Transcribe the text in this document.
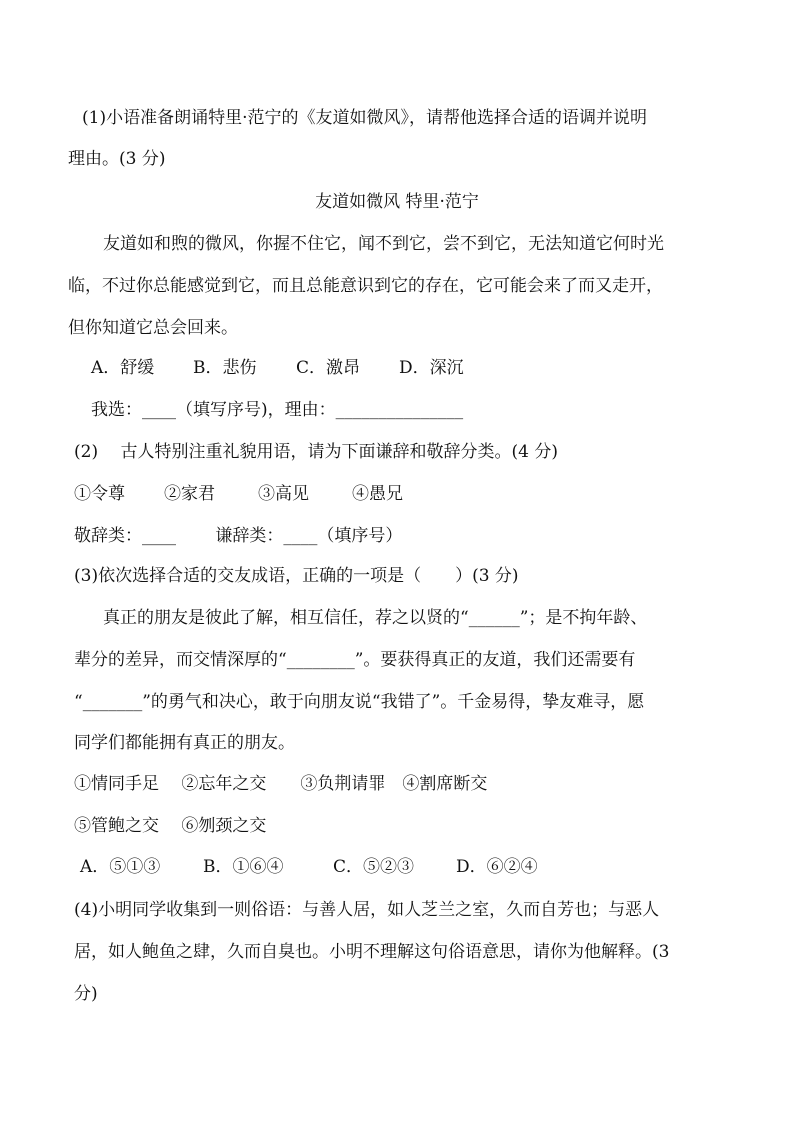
(1)小语准备朗诵特里·范宁的《友道如微风》，请帮他选择合适的语调并说明
理由。(3 分)
友道如微风 特里·范宁
友道如和煦的微风，你握不住它，闻不到它，尝不到它，无法知道它何时光
临，不过你总能感觉到它，而且总能意识到它的存在，它可能会来了而又走开，
但你知道它总会回来。
A．舒缓 B．悲伤 C．激昂 D．深沉
我选：____（填写序号)，理由：_______________
(2)　 古人特别注重礼貌用语，请为下面谦辞和敬辞分类。(4 分)
①令尊 ②家君	③高见	④愚兄
敬辞类：____　　 谦辞类：____（填序号）
(3)依次选择合适的交友成语，正确的一项是（　　）(3 分)
真正的朋友是彼此了解，相互信任，荐之以贤的“______”；是不拘年龄、
辈分的差异，而交情深厚的“________”。要获得真正的友道，我们还需要有
“_______”的勇气和决心，敢于向朋友说“我错了”。千金易得，挚友难寻，愿
同学们都能拥有真正的朋友。
①情同手足　 ②忘年之交　　③负荆请罪　④割席断交
⑤管鲍之交　 ⑥刎颈之交
A．⑤①③	B．①⑥④	C．⑤②③ D．⑥②④
(4)小明同学收集到一则俗语：与善人居，如人芝兰之室，久而自芳也；与恶人
居，如人鲍鱼之肆，久而自臭也。小明不理解这句俗语意思，请你为他解释。(3
分)
